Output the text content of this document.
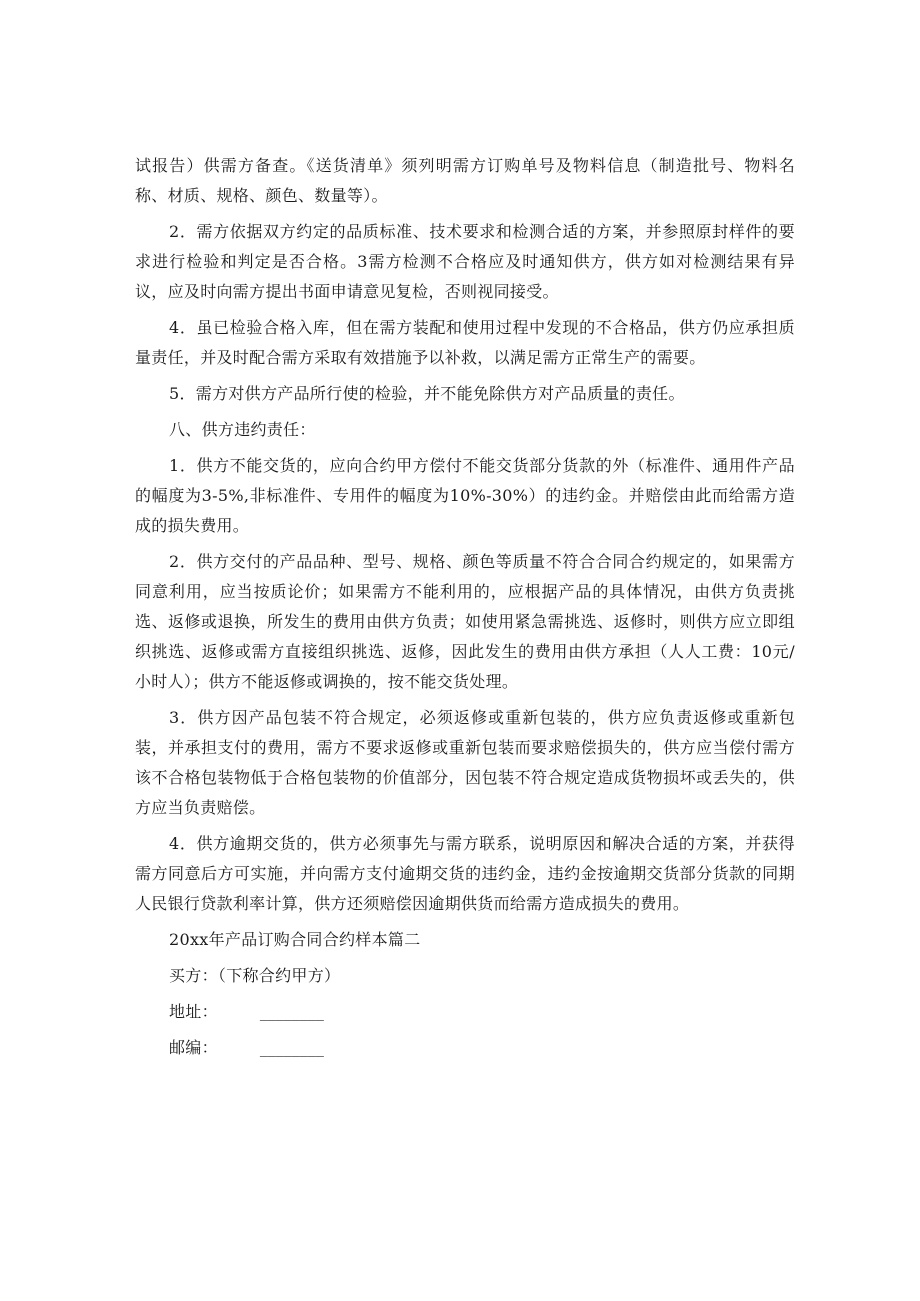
试报告）供需方备查。《送货清单》须列明需方订购单号及物料信息（制造批号、物料名称、材质、规格、颜色、数量等）。

2．需方依据双方约定的品质标准、技术要求和检测合适的方案，并参照原封样件的要求进行检验和判定是否合格。3需方检测不合格应及时通知供方，供方如对检测结果有异议，应及时向需方提出书面申请意见复检，否则视同接受。

4．虽已检验合格入库，但在需方装配和使用过程中发现的不合格品，供方仍应承担质量责任，并及时配合需方采取有效措施予以补救，以满足需方正常生产的需要。

5．需方对供方产品所行使的检验，并不能免除供方对产品质量的责任。

八、供方违约责任：

1．供方不能交货的，应向合约甲方偿付不能交货部分货款的外（标准件、通用件产品的幅度为3-5%,非标准件、专用件的幅度为10%-30%）的违约金。并赔偿由此而给需方造成的损失费用。

2．供方交付的产品品种、型号、规格、颜色等质量不符合合同合约规定的，如果需方同意利用，应当按质论价；如果需方不能利用的，应根据产品的具体情况，由供方负责挑选、返修或退换，所发生的费用由供方负责；如使用紧急需挑选、返修时，则供方应立即组织挑选、返修或需方直接组织挑选、返修，因此发生的费用由供方承担（人人工费：10元/小时人）；供方不能返修或调换的，按不能交货处理。

3．供方因产品包装不符合规定，必须返修或重新包装的，供方应负责返修或重新包装，并承担支付的费用，需方不要求返修或重新包装而要求赔偿损失的，供方应当偿付需方该不合格包装物低于合格包装物的价值部分，因包装不符合规定造成货物损坏或丢失的，供方应当负责赔偿。

4．供方逾期交货的，供方必须事先与需方联系，说明原因和解决合适的方案，并获得需方同意后方可实施，并向需方支付逾期交货的违约金，违约金按逾期交货部分货款的同期人民银行贷款利率计算，供方还须赔偿因逾期供货而给需方造成损失的费用。

20xx年产品订购合同合约样本篇二

买方：（下称合约甲方）

地址：	________

邮编：	________
